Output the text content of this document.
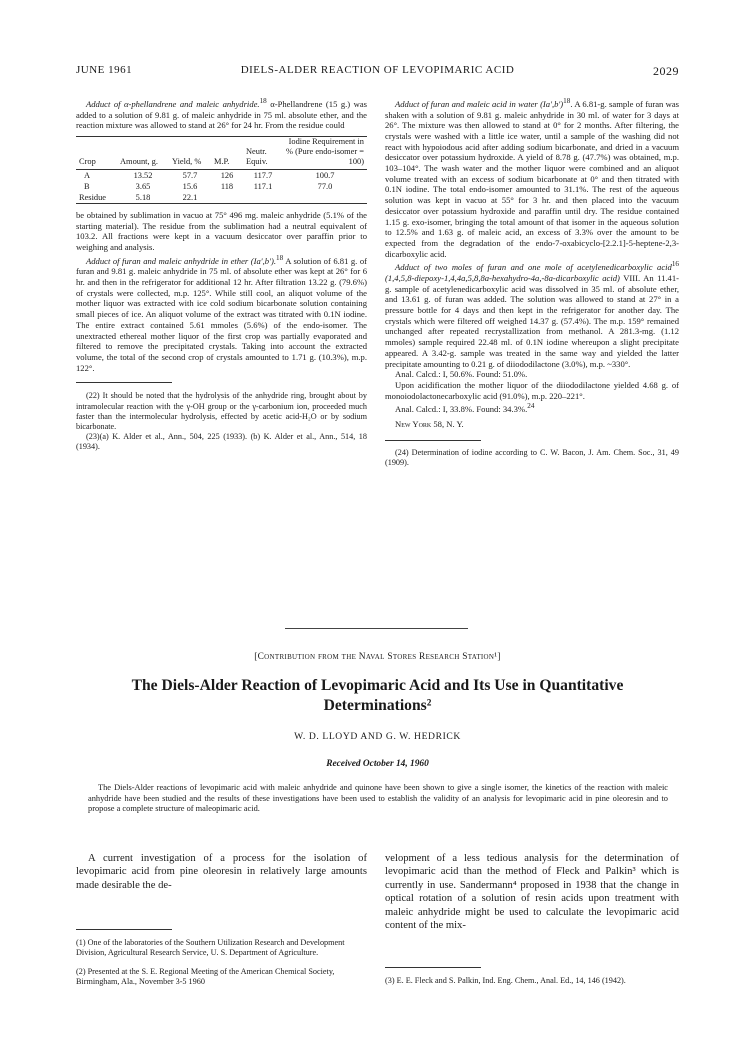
JUNE 1961	DIELS-ALDER REACTION OF LEVOPIMARIC ACID	2029

Adduct of α-phellandrene and maleic anhydride.$^{18}$ α-Phellandrene (15 g.) was added to a solution of 9.81 g. of maleic anhydride in 75 ml. absolute ether, and the reaction mixture was allowed to stand at 26° for 24 hr. From the residue could

Crop	Amount, g.	Yield, %	M.P.	Neutr. Equiv.	Iodine Requirement in % (Pure endo-isomer = 100)
A	13.52	57.7	126	117.7	100.7
B	3.65	15.6	118	117.1	77.0
Residue	5.18	22.1			

be obtained by sublimation in vacuo at 75° 496 mg. maleic anhydride (5.1% of the starting material). The residue from the sublimation had a neutral equivalent of 103.2. All fractions were kept in a vacuum desiccator over paraffin prior to weighing and analysis.

Adduct of furan and maleic anhydride in ether (Ia′,b′).$^{18}$ A solution of 6.81 g. of furan and 9.81 g. maleic anhydride in 75 ml. of absolute ether was kept at 26° for 6 hr. and then in the refrigerator for additional 12 hr. After filtration 13.22 g. (79.6%) of crystals were collected, m.p. 125°. While still cool, an aliquot volume of the mother liquor was extracted with ice cold sodium bicarbonate solution containing small pieces of ice. An aliquot volume of the extract was titrated with 0.1N iodine. The entire extract contained 5.61 mmoles (5.6%) of the endo-isomer. The unextracted ethereal mother liquor of the first crop was partially evaporated and filtered to remove the precipitated crystals. Taking into account the extracted volume, the total of the second crop of crystals amounted to 1.71 g. (10.3%), m.p. 122°.

(22) It should be noted that the hydrolysis of the anhydride ring, brought about by intramolecular reaction with the γ-OH group or the γ-carbonium ion, proceeded much faster than the intermolecular hydrolysis, effected by acetic acid-H₂O or by sodium bicarbonate.

(23)(a) K. Alder et al., Ann., 504, 225 (1933). (b) K. Alder et al., Ann., 514, 18 (1934).

Adduct of furan and maleic acid in water $(Ia',b')^{18}$. A 6.81-g. sample of furan was shaken with a solution of 9.81 g. maleic anhydride in 30 ml. of water for 3 days at 26°. The mixture was then allowed to stand at 0° for 2 months. After filtering, the crystals were washed with a little ice water, until a sample of the washing did not react with hypoiodous acid after adding sodium bicarbonate, and dried in a vacuum desiccator over potassium hydroxide. A yield of 8.78 g. (47.7%) was obtained, m.p. 103–104°. The wash water and the mother liquor were combined and an aliquot volume treated with an excess of sodium bicarbonate at 0° and then titrated with 0.1N iodine. The total endo-isomer amounted to 31.1%. The rest of the aqueous solution was kept in vacuo at 55° for 3 hr. and then placed into the vacuum desiccator over potassium hydroxide and paraffin until dry. The residue contained 1.15 g. exo-isomer, bringing the total amount of that isomer in the aqueous solution to 12.5% and 1.63 g. of maleic acid, an excess of 3.3% over the amount to be expected from the degradation of the endo-7-oxabicyclo-[2.2.1]-5-heptene-2,3-dicarboxylic acid.

Adduct of two moles of furan and one mole of acetylenedicarboxylic acid$^{16}$ (1,4,5,8-diepoxy-1,4,4a,5,8,8a-hexahydro-4a,-8a-dicarboxylic acid) VIII. An 11.41-g. sample of acetylenedicarboxylic acid was dissolved in 35 ml. of absolute ether, and 13.61 g. of furan was added. The solution was allowed to stand at 27° in a pressure bottle for 4 days and then kept in the refrigerator for another day. The crystals which were filtered off weighed 14.37 g. (57.4%). The m.p. 159° remained unchanged after repeated recrystallization from methanol. A 281.3-mg. (1.12 mmoles) sample required 22.48 ml. of 0.1N iodine whereupon a slight precipitate appeared. A 3.42-g. sample was treated in the same way and yielded the latter precipitate amounting to 0.21 g. of diiododilactone (3.0%), m.p. ~330°.

Anal. Calcd.: I, 50.6%. Found: 51.0%.

Upon acidification the mother liquor of the diiododilactone yielded 4.68 g. of monoiodolactonecarboxylic acid (91.0%), m.p. 220–221°.

Anal. Calcd.: I, 33.8%. Found: 34.3%.$^{24}$

New York 58, N. Y.

(24) Determination of iodine according to C. W. Bacon, J. Am. Chem. Soc., 31, 49 (1909).

[Contribution from the Naval Stores Research Station¹]
The Diels-Alder Reaction of Levopimaric Acid and Its Use in Quantitative Determinations²
W. D. LLOYD AND G. W. HEDRICK
Received October 14, 1960
The Diels-Alder reactions of levopimaric acid with maleic anhydride and quinone have been shown to give a single isomer, the kinetics of the reaction with maleic anhydride have been studied and the results of these investigations have been used to establish the validity of an analysis for levopimaric acid in pine oleoresin and to propose a complete structure of maleopimaric acid.

A current investigation of a process for the isolation of levopimaric acid from pine oleoresin in relatively large amounts made desirable the de-

velopment of a less tedious analysis for the determination of levopimaric acid than the method of Fleck and Palkin³ which is currently in use. Sandermann⁴ proposed in 1938 that the change in optical rotation of a solution of resin acids upon treatment with maleic anhydride might be used to calculate the levopimaric acid content of the mix-

(1) One of the laboratories of the Southern Utilization Research and Development Division, Agricultural Research Service, U. S. Department of Agriculture.

(2) Presented at the S. E. Regional Meeting of the American Chemical Society, Birmingham, Ala., November 3-5 1960	(3) E. E. Fleck and S. Palkin, Ind. Eng. Chem., Anal. Ed., 14, 146 (1942).
